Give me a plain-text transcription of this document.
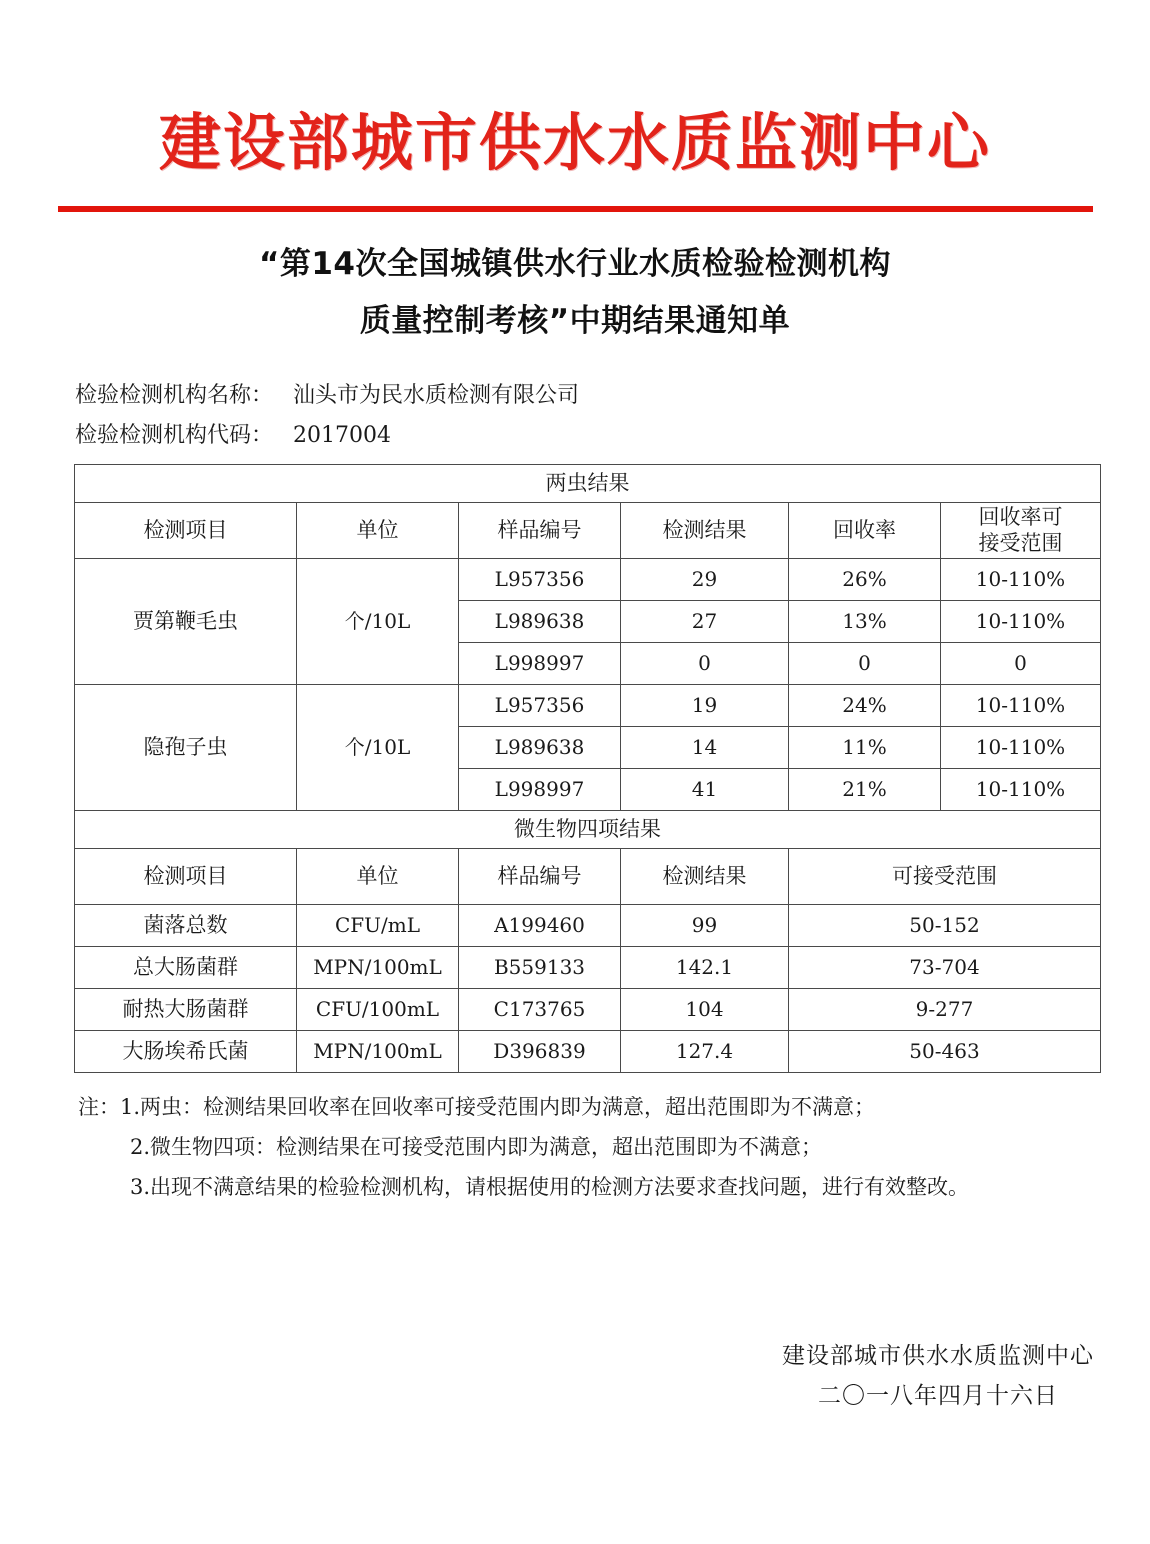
建设部城市供水水质监测中心
“第14次全国城镇供水行业水质检验检测机构
质量控制考核”中期结果通知单
检验检测机构名称： 汕头市为民水质检测有限公司
检验检测机构代码： 2017004
两虫结果					
检测项目	单位	样品编号	检测结果	回收率	回收率可
接受范围
贾第鞭毛虫	个/10L	L957356	29	26%	10-110%
		L989638	27	13%	10-110%
		L998997	0	0	0
隐孢子虫	个/10L	L957356	19	24%	10-110%
		L989638	14	11%	10-110%
		L998997	41	21%	10-110%
微生物四项结果					
检测项目	单位	样品编号	检测结果	可接受范围	
菌落总数	CFU/mL	A199460	99	50-152	
总大肠菌群	MPN/100mL	B559133	142.1	73-704	
耐热大肠菌群	CFU/100mL	C173765	104	9-277	
大肠埃希氏菌	MPN/100mL	D396839	127.4	50-463	
注：1.两虫：检测结果回收率在回收率可接受范围内即为满意，超出范围即为不满意；
2.微生物四项：检测结果在可接受范围内即为满意，超出范围即为不满意；
3.出现不满意结果的检验检测机构，请根据使用的检测方法要求查找问题，进行有效整改。
建设部城市供水水质监测中心
二〇一八年四月十六日
